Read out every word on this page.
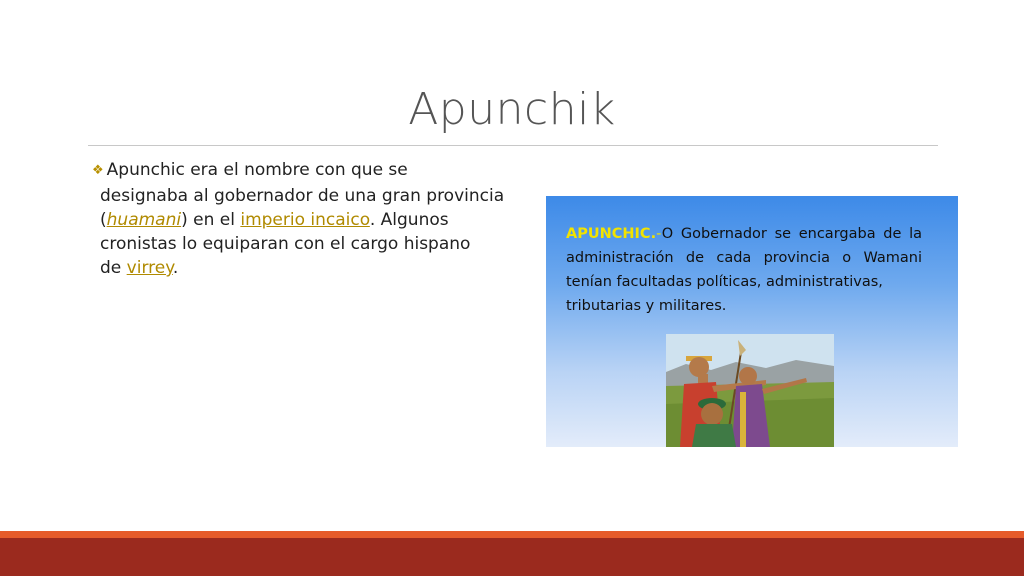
Apunchik
❖ Apunchic era el nombre con que se
designaba al gobernador de una gran provincia
(huamani) en el imperio incaico. Algunos
cronistas lo equiparan con el cargo hispano
de virrey.
APUNCHIC.-O Gobernador se encargaba de la administración de cada provincia o Wamani tenían facultadas políticas, administrativas,
tributarias y militares.
